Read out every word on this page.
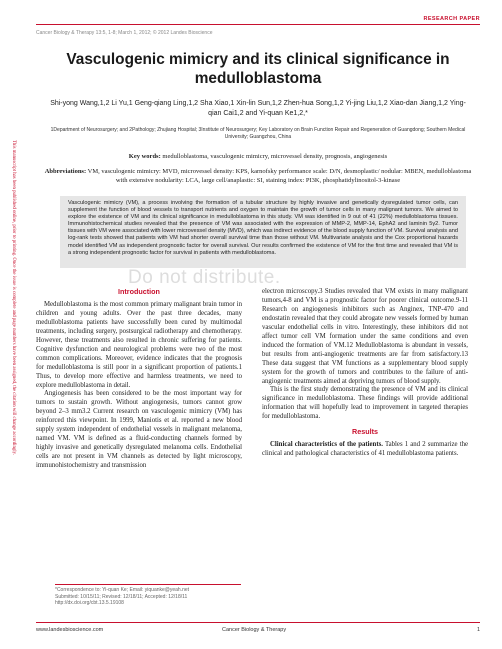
RESEARCH PAPER
Cancer Biology & Therapy 13:5, 1-8; March 1, 2012; © 2012 Landes Bioscience
Vasculogenic mimicry and its clinical significance in medulloblastoma
Shi-yong Wang,1,2 Li Yu,1 Geng-qiang Ling,1,2 Sha Xiao,1 Xin-lin Sun,1,2 Zhen-hua Song,1,2 Yi-jing Liu,1,2 Xiao-dan Jiang,1,2 Ying-qian Cai1,2 and Yi-quan Ke1,2,*
1Department of Neurosurgery; and 2Pathology; Zhujiang Hospital; 3Institute of Neurosurgery; Key Laboratory on Brain Function Repair and Regeneration of Guangdong; Southern Medical University; Guangzhou, China
Key words: medulloblastoma, vasculogenic mimicry, microvessel density, prognosis, angiogenesis
Abbreviations: VM, vasculogenic mimicry: MVD, microvessel density: KPS, karnofsky performance scale: D/N, desmoplastic/ nodular: MBEN, medulloblastoma with extensive nodularity: LCA, large cell/anaplastic: SI, staining index: PI3K, phosphatidylinositol-3-kinase
Vasculogenic mimicry (VM), a process involving the formation of a tubular structure by highly invasive and genetically dysregulated tumor cells, can supplement the function of blood vessels to transport nutrients and oxygen to maintain the growth of tumor cells in many malignant tumors. We aimed to explore the existence of VM and its clinical significance in medulloblastoma in this study. VM was identified in 9 out of 41 (22%) medulloblastoma tissues. Immunohistochemical studies revealed that the presence of VM was associated with the expression of MMP-2, MMP-14, EphA2 and laminin 5γ2. Tumor tissues with VM were associated with lower microvessel density (MVD), which was indirect evidence of the blood supply function of VM. Survival analysis and log-rank tests showed that patients with VM had shorter overall survival time than those without VM. Multivariate analysis and the Cox proportional hazards model identified VM as independent prognostic factor for overall survival. Our results confirmed the existence of VM for the first time and revealed that VM is a strong independent prognostic factor for survival in patients with medulloblastoma.
Do not distribute.
This manuscript has been published online, prior to printing. Once the issue is complete and page numbers have been assigned, the citation will change accordingly.	Introduction

Medulloblastoma is the most common primary malignant brain tumor in children and young adults. Over the past three decades, many medulloblastoma patients have successfully been cured by multimodal treatments, including surgery, postsurgical radiotherapy and chemotherapy. However, these treatments also resulted in chronic suffering for patients. Cognitive dysfunction and neurological problems were two of the most common complications. Moreover, evidence indicates that the prognosis for medulloblastoma is still poor in a significant proportion of patients.1 Thus, to develop more effective and harmless treatments, we need to explore medulloblastoma in detail.

Angiogenesis has been considered to be the most important way for tumors to sustain growth. Without angiogenesis, tumors cannot grow beyond 2–3 mm3.2 Current research on vasculogenic mimicry (VM) has reinforced this viewpoint. In 1999, Maniotis et al. reported a new blood supply system independent of endothelial vessels in malignant melanoma, named VM. VM is defined as a fluid-conducting channels formed by highly invasive and genetically dysregulated melanoma cells. Endothelial cells are not present in VM channels as detected by light microscopy, immunohistochemistry and transmission

electron microscopy.3 Studies revealed that VM exists in many malignant tumors,4-8 and VM is a prognostic factor for poorer clinical outcome.9-11 Research on angiogenesis inhibitors such as Anginex, TNP-470 and endostatin revealed that they could abrogate new vessels formed by human vascular endothelial cells in vitro. Interestingly, these inhibitors did not affect tumor cell VM formation under the same conditions and even induced the formation of VM.12 Medulloblastoma is abundant in vessels, but results from anti-angiogenic treatments are far from satisfactory.13 These data suggest that VM functions as a supplementary blood supply system for the growth of tumors and contributes to the failure of anti-angiogenic treatments aimed at depriving tumors of blood supply.

This is the first study demonstrating the presence of VM and its clinical significance in medulloblastoma. These findings will provide additional information that will hopefully lead to improvement in targeted therapies for medulloblastoma.

Results

Clinical characteristics of the patients. Tables 1 and 2 summarize the clinical and pathological characteristics of 41 medulloblastoma patients.

*Correspondence to: Yi-quan Ke; Email: yiquanke@yeah.net
Submitted: 10/15/11; Revised: 12/18/11; Accepted: 12/18/11
http://dx.doi.org/cbt.13.5.19108
www.landesbioscience.com	Cancer Biology & Therapy	1
